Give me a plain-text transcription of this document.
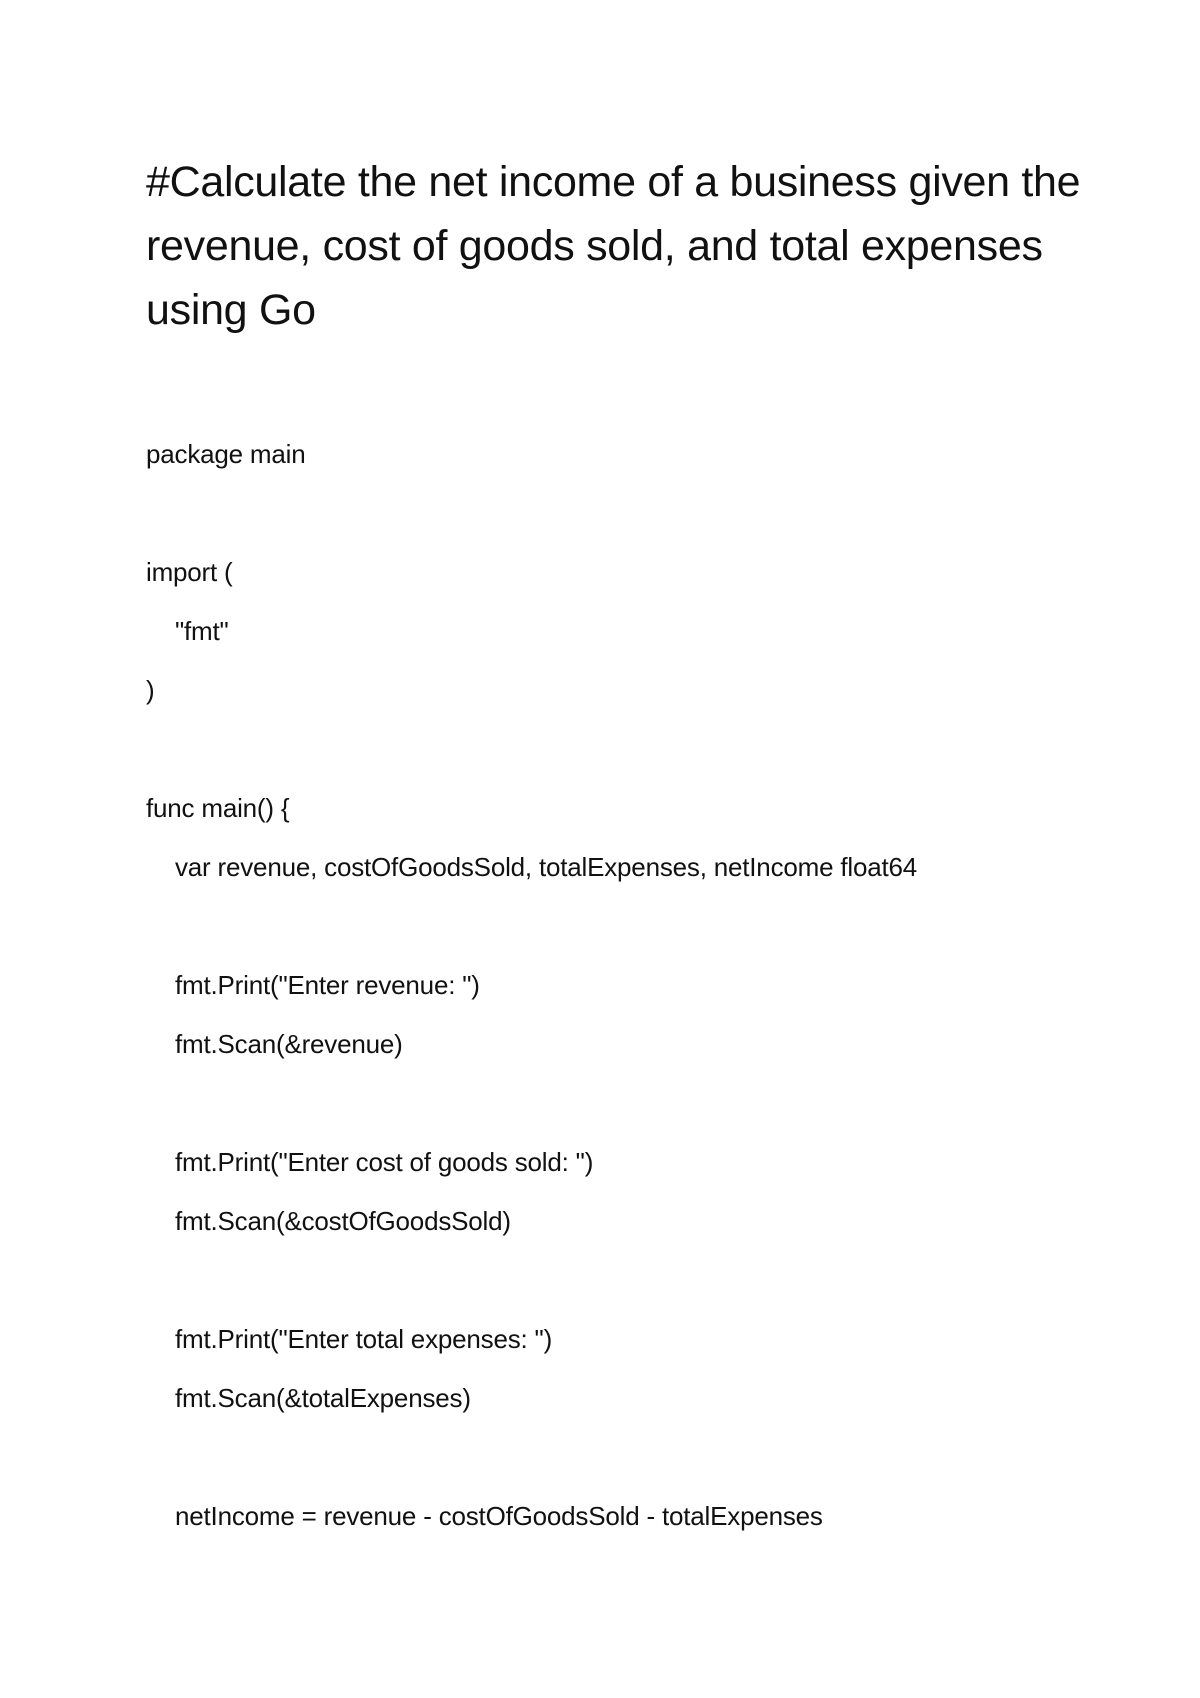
#Calculate the net income of a business given the revenue, cost of goods sold, and total expenses using Go

package main

import (

"fmt"

)

func main() {

var revenue, costOfGoodsSold, totalExpenses, netIncome float64

fmt.Print("Enter revenue: ")

fmt.Scan(&revenue)

fmt.Print("Enter cost of goods sold: ")

fmt.Scan(&costOfGoodsSold)

fmt.Print("Enter total expenses: ")

fmt.Scan(&totalExpenses)

netIncome = revenue - costOfGoodsSold - totalExpenses
